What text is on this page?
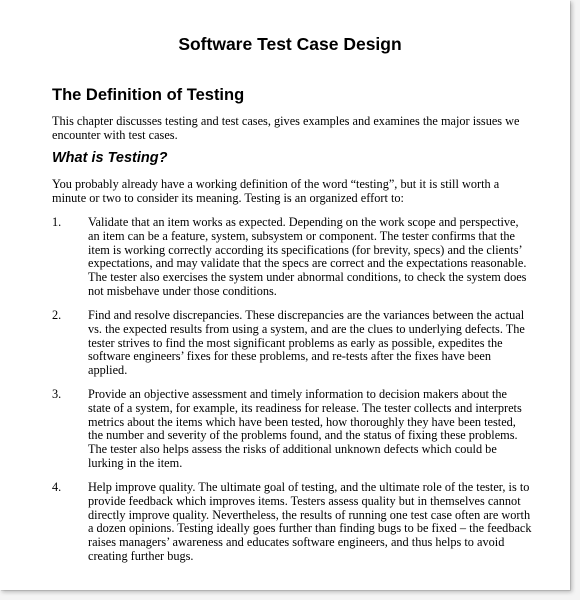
Software Test Case Design
The Definition of Testing

This chapter discusses testing and test cases, gives examples and examines the major issues we encounter with test cases.

What is Testing?

You probably already have a working definition of the word “testing”, but it is still worth a minute or two to consider its meaning. Testing is an organized effort to:

1. Validate that an item works as expected. Depending on the work scope and perspective, an item can be a feature, system, subsystem or component. The tester confirms that the item is working correctly according its specifications (for brevity, specs) and the clients’ expectations, and may validate that the specs are correct and the expectations reasonable. The tester also exercises the system under abnormal conditions, to check the system does not misbehave under those conditions.

2. Find and resolve discrepancies. These discrepancies are the variances between the actual vs. the expected results from using a system, and are the clues to underlying defects. The tester strives to find the most significant problems as early as possible, expedites the software engineers’ fixes for these problems, and re-tests after the fixes have been applied.

3. Provide an objective assessment and timely information to decision makers about the state of a system, for example, its readiness for release. The tester collects and interprets metrics about the items which have been tested, how thoroughly they have been tested, the number and severity of the problems found, and the status of fixing these problems. The tester also helps assess the risks of additional unknown defects which could be lurking in the item.

4. Help improve quality. The ultimate goal of testing, and the ultimate role of the tester, is to provide feedback which improves items. Testers assess quality but in themselves cannot directly improve quality. Nevertheless, the results of running one test case often are worth a dozen opinions. Testing ideally goes further than finding bugs to be fixed – the feedback raises managers’ awareness and educates software engineers, and thus helps to avoid creating further bugs.
